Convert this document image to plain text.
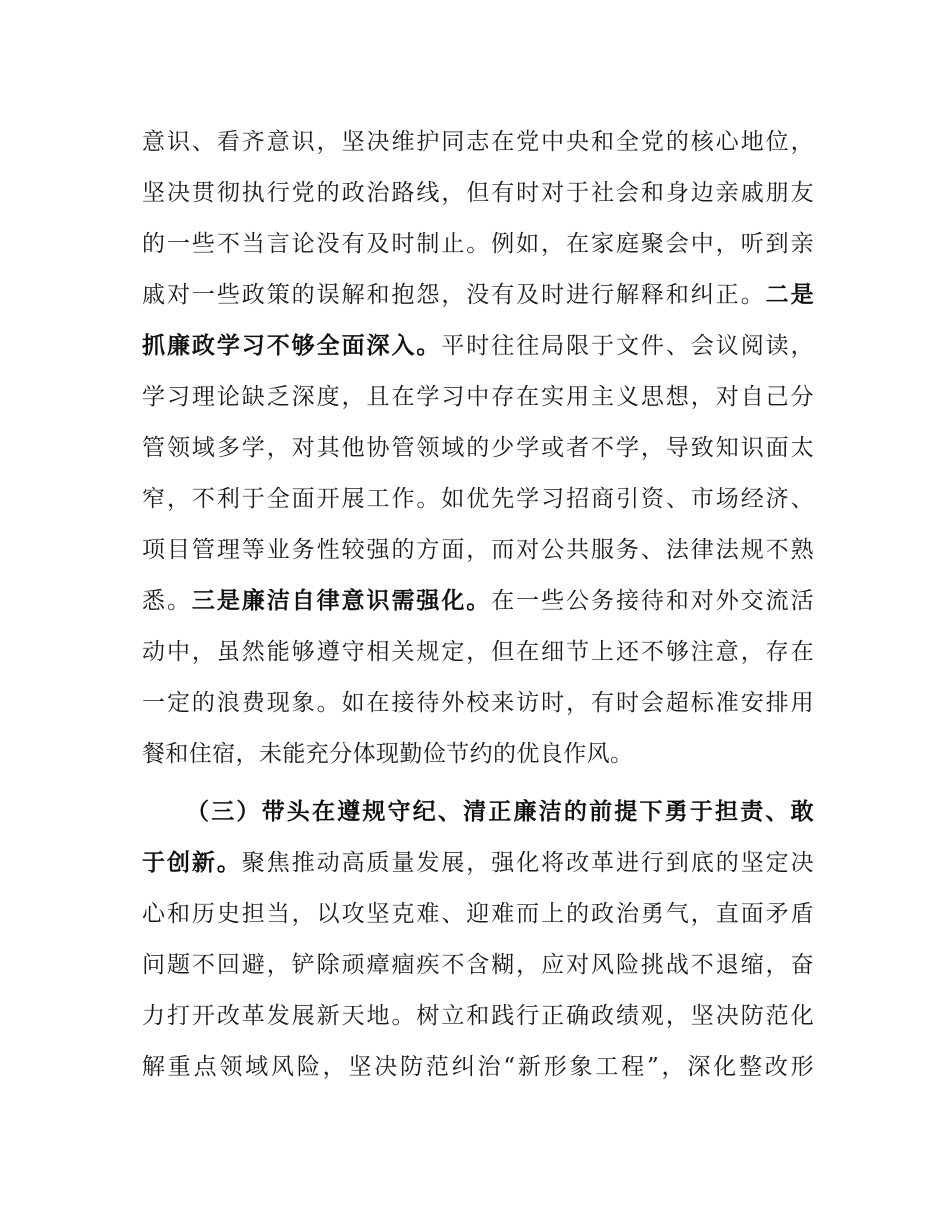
意识、看齐意识，坚决维护同志在党中央和全党的核心地位，
坚决贯彻执行党的政治路线，但有时对于社会和身边亲戚朋友
的一些不当言论没有及时制止。例如，在家庭聚会中，听到亲
戚对一些政策的误解和抱怨，没有及时进行解释和纠正。二是
抓廉政学习不够全面深入。平时往往局限于文件、会议阅读，
学习理论缺乏深度，且在学习中存在实用主义思想，对自己分
管领域多学，对其他协管领域的少学或者不学，导致知识面太
窄，不利于全面开展工作。如优先学习招商引资、市场经济、
项目管理等业务性较强的方面，而对公共服务、法律法规不熟
悉。三是廉洁自律意识需强化。在一些公务接待和对外交流活
动中，虽然能够遵守相关规定，但在细节上还不够注意，存在
一定的浪费现象。如在接待外校来访时，有时会超标准安排用
餐和住宿，未能充分体现勤俭节约的优良作风。
（三）带头在遵规守纪、清正廉洁的前提下勇于担责、敢
于创新。聚焦推动高质量发展，强化将改革进行到底的坚定决
心和历史担当，以攻坚克难、迎难而上的政治勇气，直面矛盾
问题不回避，铲除顽瘴痼疾不含糊，应对风险挑战不退缩，奋
力打开改革发展新天地。树立和践行正确政绩观，坚决防范化
解重点领域风险，坚决防范纠治“新形象工程”，深化整改形
